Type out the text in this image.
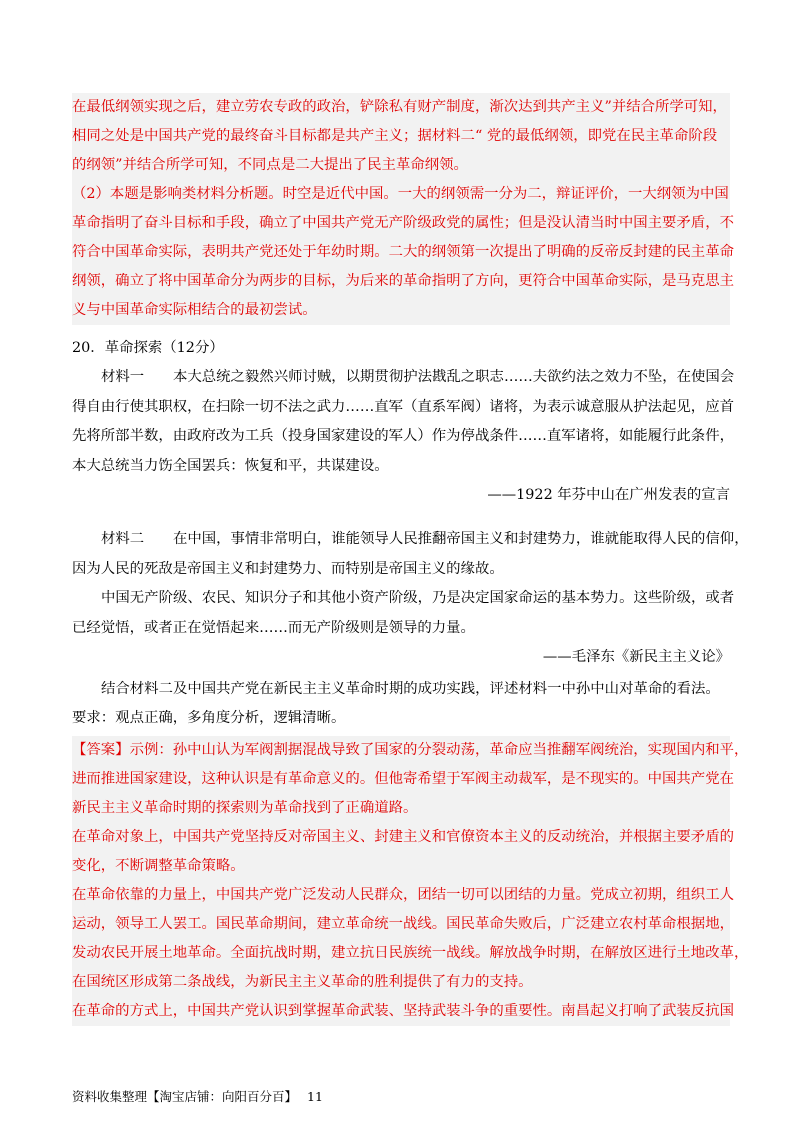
在最低纲领实现之后，建立劳农专政的政治，铲除私有财产制度，渐次达到共产主义”并结合所学可知，

相同之处是中国共产党的最终奋斗目标都是共产主义；据材料二“ 党的最低纲领，即党在民主革命阶段

的纲领”并结合所学可知，不同点是二大提出了民主革命纲领。

（2）本题是影响类材料分析题。时空是近代中国。一大的纲领需一分为二，辩证评价，一大纲领为中国

革命指明了奋斗目标和手段，确立了中国共产党无产阶级政党的属性；但是没认清当时中国主要矛盾，不

符合中国革命实际，表明共产党还处于年幼时期。二大的纲领第一次提出了明确的反帝反封建的民主革命

纲领，确立了将中国革命分为两步的目标，为后来的革命指明了方向，更符合中国革命实际，是马克思主

义与中国革命实际相结合的最初尝试。

20．革命探索（12分）

材料一　　本大总统之毅然兴师讨贼，以期贯彻护法戡乱之职志……夫欲约法之效力不坠，在使国会

得自由行使其职权，在扫除一切不法之武力……直军（直系军阀）诸将，为表示诚意服从护法起见，应首

先将所部半数，由政府改为工兵（投身国家建设的军人）作为停战条件……直军诸将，如能履行此条件，

本大总统当力饬全国罢兵：恢复和平，共谋建设。

——1922 年芬中山在广州发表的宣言

材料二　　在中国，事情非常明白，谁能领导人民推翻帝国主义和封建势力，谁就能取得人民的信仰，

因为人民的死敌是帝国主义和封建势力、而特别是帝国主义的缘故。

中国无产阶级、农民、知识分子和其他小资产阶级，乃是决定国家命运的基本势力。这些阶级，或者

已经觉悟，或者正在觉悟起来……而无产阶级则是领导的力量。

——毛泽东《新民主主义论》

结合材料二及中国共产党在新民主主义革命时期的成功实践，评述材料一中孙中山对革命的看法。

要求：观点正确，多角度分析，逻辑清晰。

【答案】示例：孙中山认为军阀割据混战导致了国家的分裂动荡，革命应当推翻军阀统治，实现国内和平，

进而推进国家建设，这种认识是有革命意义的。但他寄希望于军阀主动裁军，是不现实的。中国共产党在

新民主主义革命时期的探索则为革命找到了正确道路。

在革命对象上，中国共产党坚持反对帝国主义、封建主义和官僚资本主义的反动统治，并根据主要矛盾的

变化，不断调整革命策略。

在革命依靠的力量上，中国共产党广泛发动人民群众，团结一切可以团结的力量。党成立初期，组织工人

运动，领导工人罢工。国民革命期间，建立革命统一战线。国民革命失败后，广泛建立农村革命根据地，

发动农民开展土地革命。全面抗战时期，建立抗日民族统一战线。解放战争时期，在解放区进行土地改革，

在国统区形成第二条战线，为新民主主义革命的胜利提供了有力的支持。

在革命的方式上，中国共产党认识到掌握革命武装、坚持武装斗争的重要性。南昌起义打响了武装反抗国

资料收集整理【淘宝店铺：向阳百分百】 11
